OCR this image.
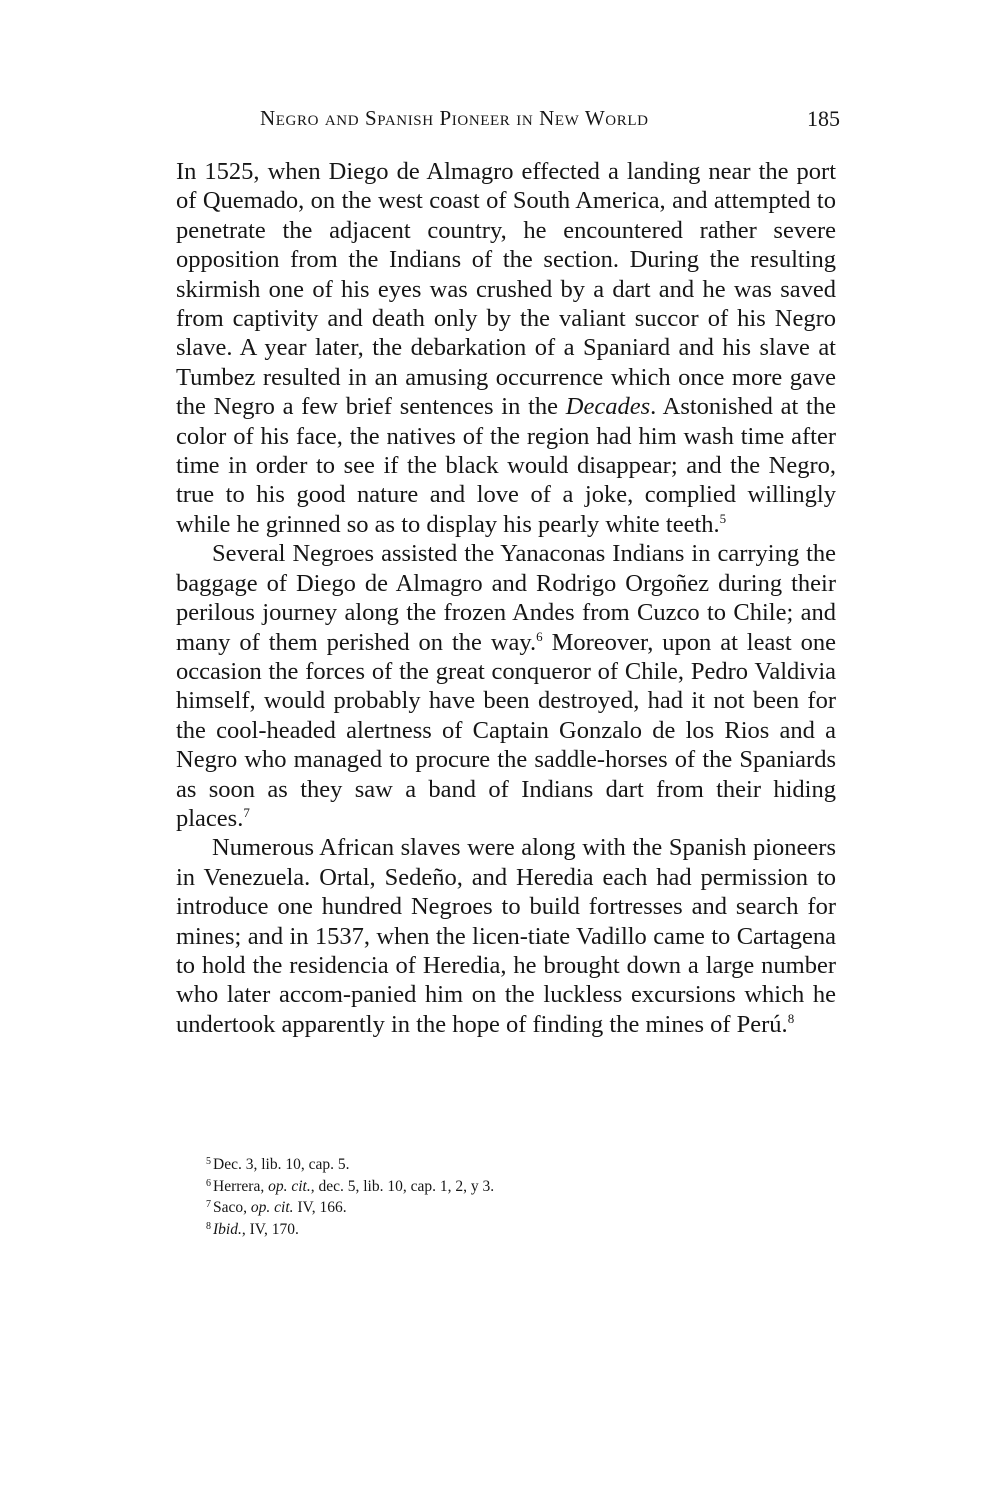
Negro and Spanish Pioneer in New World	185

In 1525, when Diego de Almagro effected a landing near the port of Quemado, on the west coast of South America, and attempted to penetrate the adjacent country, he encountered rather severe opposition from the Indians of the section. During the resulting skirmish one of his eyes was crushed by a dart and he was saved from captivity and death only by the valiant succor of his Negro slave. A year later, the debarkation of a Spaniard and his slave at Tumbez resulted in an amusing occurrence which once more gave the Negro a few brief sentences in the Decades. Astonished at the color of his face, the natives of the region had him wash time after time in order to see if the black would disappear; and the Negro, true to his good nature and love of a joke, complied willingly while he grinned so as to display his pearly white teeth.$^5$

Several Negroes assisted the Yanaconas Indians in carrying the baggage of Diego de Almagro and Rodrigo Orgoñez during their perilous journey along the frozen Andes from Cuzco to Chile; and many of them perished on the way.$^6$ Moreover, upon at least one occasion the forces of the great conqueror of Chile, Pedro Valdivia himself, would probably have been destroyed, had it not been for the cool-headed alertness of Captain Gonzalo de los Rios and a Negro who managed to procure the saddle-horses of the Spaniards as soon as they saw a band of Indians dart from their hiding places.$^7$

Numerous African slaves were along with the Spanish pioneers in Venezuela. Ortal, Sedeño, and Heredia each had permission to introduce one hundred Negroes to build fortresses and search for mines; and in 1537, when the licen-tiate Vadillo came to Cartagena to hold the residencia of Heredia, he brought down a large number who later accom-panied him on the luckless excursions which he undertook apparently in the hope of finding the mines of Perú.$^8$

$^5$ Dec. 3, lib. 10, cap. 5.

$^6$ Herrera, op. cit., dec. 5, lib. 10, cap. 1, 2, y 3.

$^7$ Saco, op. cit. IV, 166.

$^8$ Ibid., IV, 170.
